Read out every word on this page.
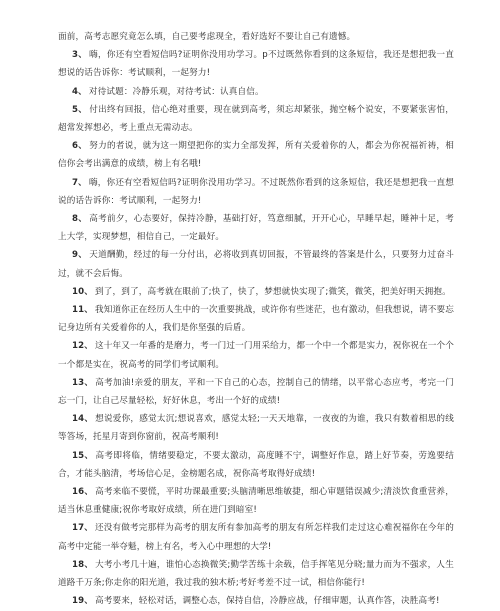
面前，高考志愿究竟怎么填，自己要考虑现全，看好选好不要让自己有遗憾。

3、 嗨，你还有空看短信吗?证明你没用功学习。p不过既然你看到的这条短信，我还是想把我一直想说的话告诉你：考试顺利，一起努力!

4、 对待试题：冷静乐观，对待考试：认真自信。

5、 付出终有回报，信心绝对重要，现在就到高考，须忘却紧张，抛空畅个说安，不要紧张害怕，超常发挥想必，考上重点无需动志。

6、 努力的者说，就为这一期望把你的实力全部发挥，所有关爱着你的人，都会为你祝福祈祷，相信你会考出满意的成绩，榜上有名哦!

7、 嗨，你还有空看短信吗?证明你没用功学习。不过既然你看到的这条短信，我还是想把我一直想说的话告诉你：考试顺利，一起努力!

8、 高考前夕，心态要好，保持冷静，基础打好，笃意细腻，开开心心，早睡早起，睡神十足，考上大学，实现梦想，相信自己，一定最好。

9、 天道酬勤，经过的每一分付出，必将收到真切回报，不管最终的答案是什么，只要努力过奋斗过，就不会后悔。

10、 到了，到了，高考就在眼前了;快了，快了，梦想就快实现了;微笑，微笑，把美好明天拥抱。

11、 我知道你正在经历人生中的一次重要挑战，或许你有些迷茫，也有激动，但我想说，请不要忘记身边所有关爱着你的人，我们是你坚强的后盾。

12、 这十年又一年番的是磨力，考一门过一门用采给力，都一个中一个都是实力，祝你祝在一个个一个都是实在，祝高考的同学们考试顺利。

13、 高考加油!亲爱的朋友，平和一下自己的心态，控制自己的情绪，以平常心态应考，考完一门忘一门，让自己尽量轻松，好好休息，考出一个好的成绩!

14、 想说爱你，感觉太沉;想说喜欢，感觉太轻;一天天地靠，一夜夜的为谁，我只有数着相思的线等答场，托星月寄到你窗前，祝高考顺利!

15、 高考即将临，情绪要稳定，不要太激动，高度睡不宁，调整好作息，踏上好节奏，劳逸要结合，才能头脑清，考场信心足，金榜题名成，祝你高考取得好成绩!

16、 高考来临不要慌，平时功课最重要;头脑清晰思维敏捷，细心审题错误减少;清淡饮食重营养，适当休息重健康;祝你考取好成绩，所在进门到暗室!

17、 还没有做考完那样为高考的朋友所有参加高考的朋友有所怎样我们走过这心难祝福你在今年的高考中定能一举夺魁，榜上有名，考入心中理想的大学!

18、 大考小考几十遍，谁怕心态换微笑;勤学苦练十余载，信手挥笔见分晓;量力而为不强求，人生道路千万条;你走你的阳光道，我过我的独木桥;考好考差不过一试，相信你能行!

19、 高考要来，轻松对话，调整心态，保持自信，冷静应战，仔细审题，认真作答，决胜高考!
